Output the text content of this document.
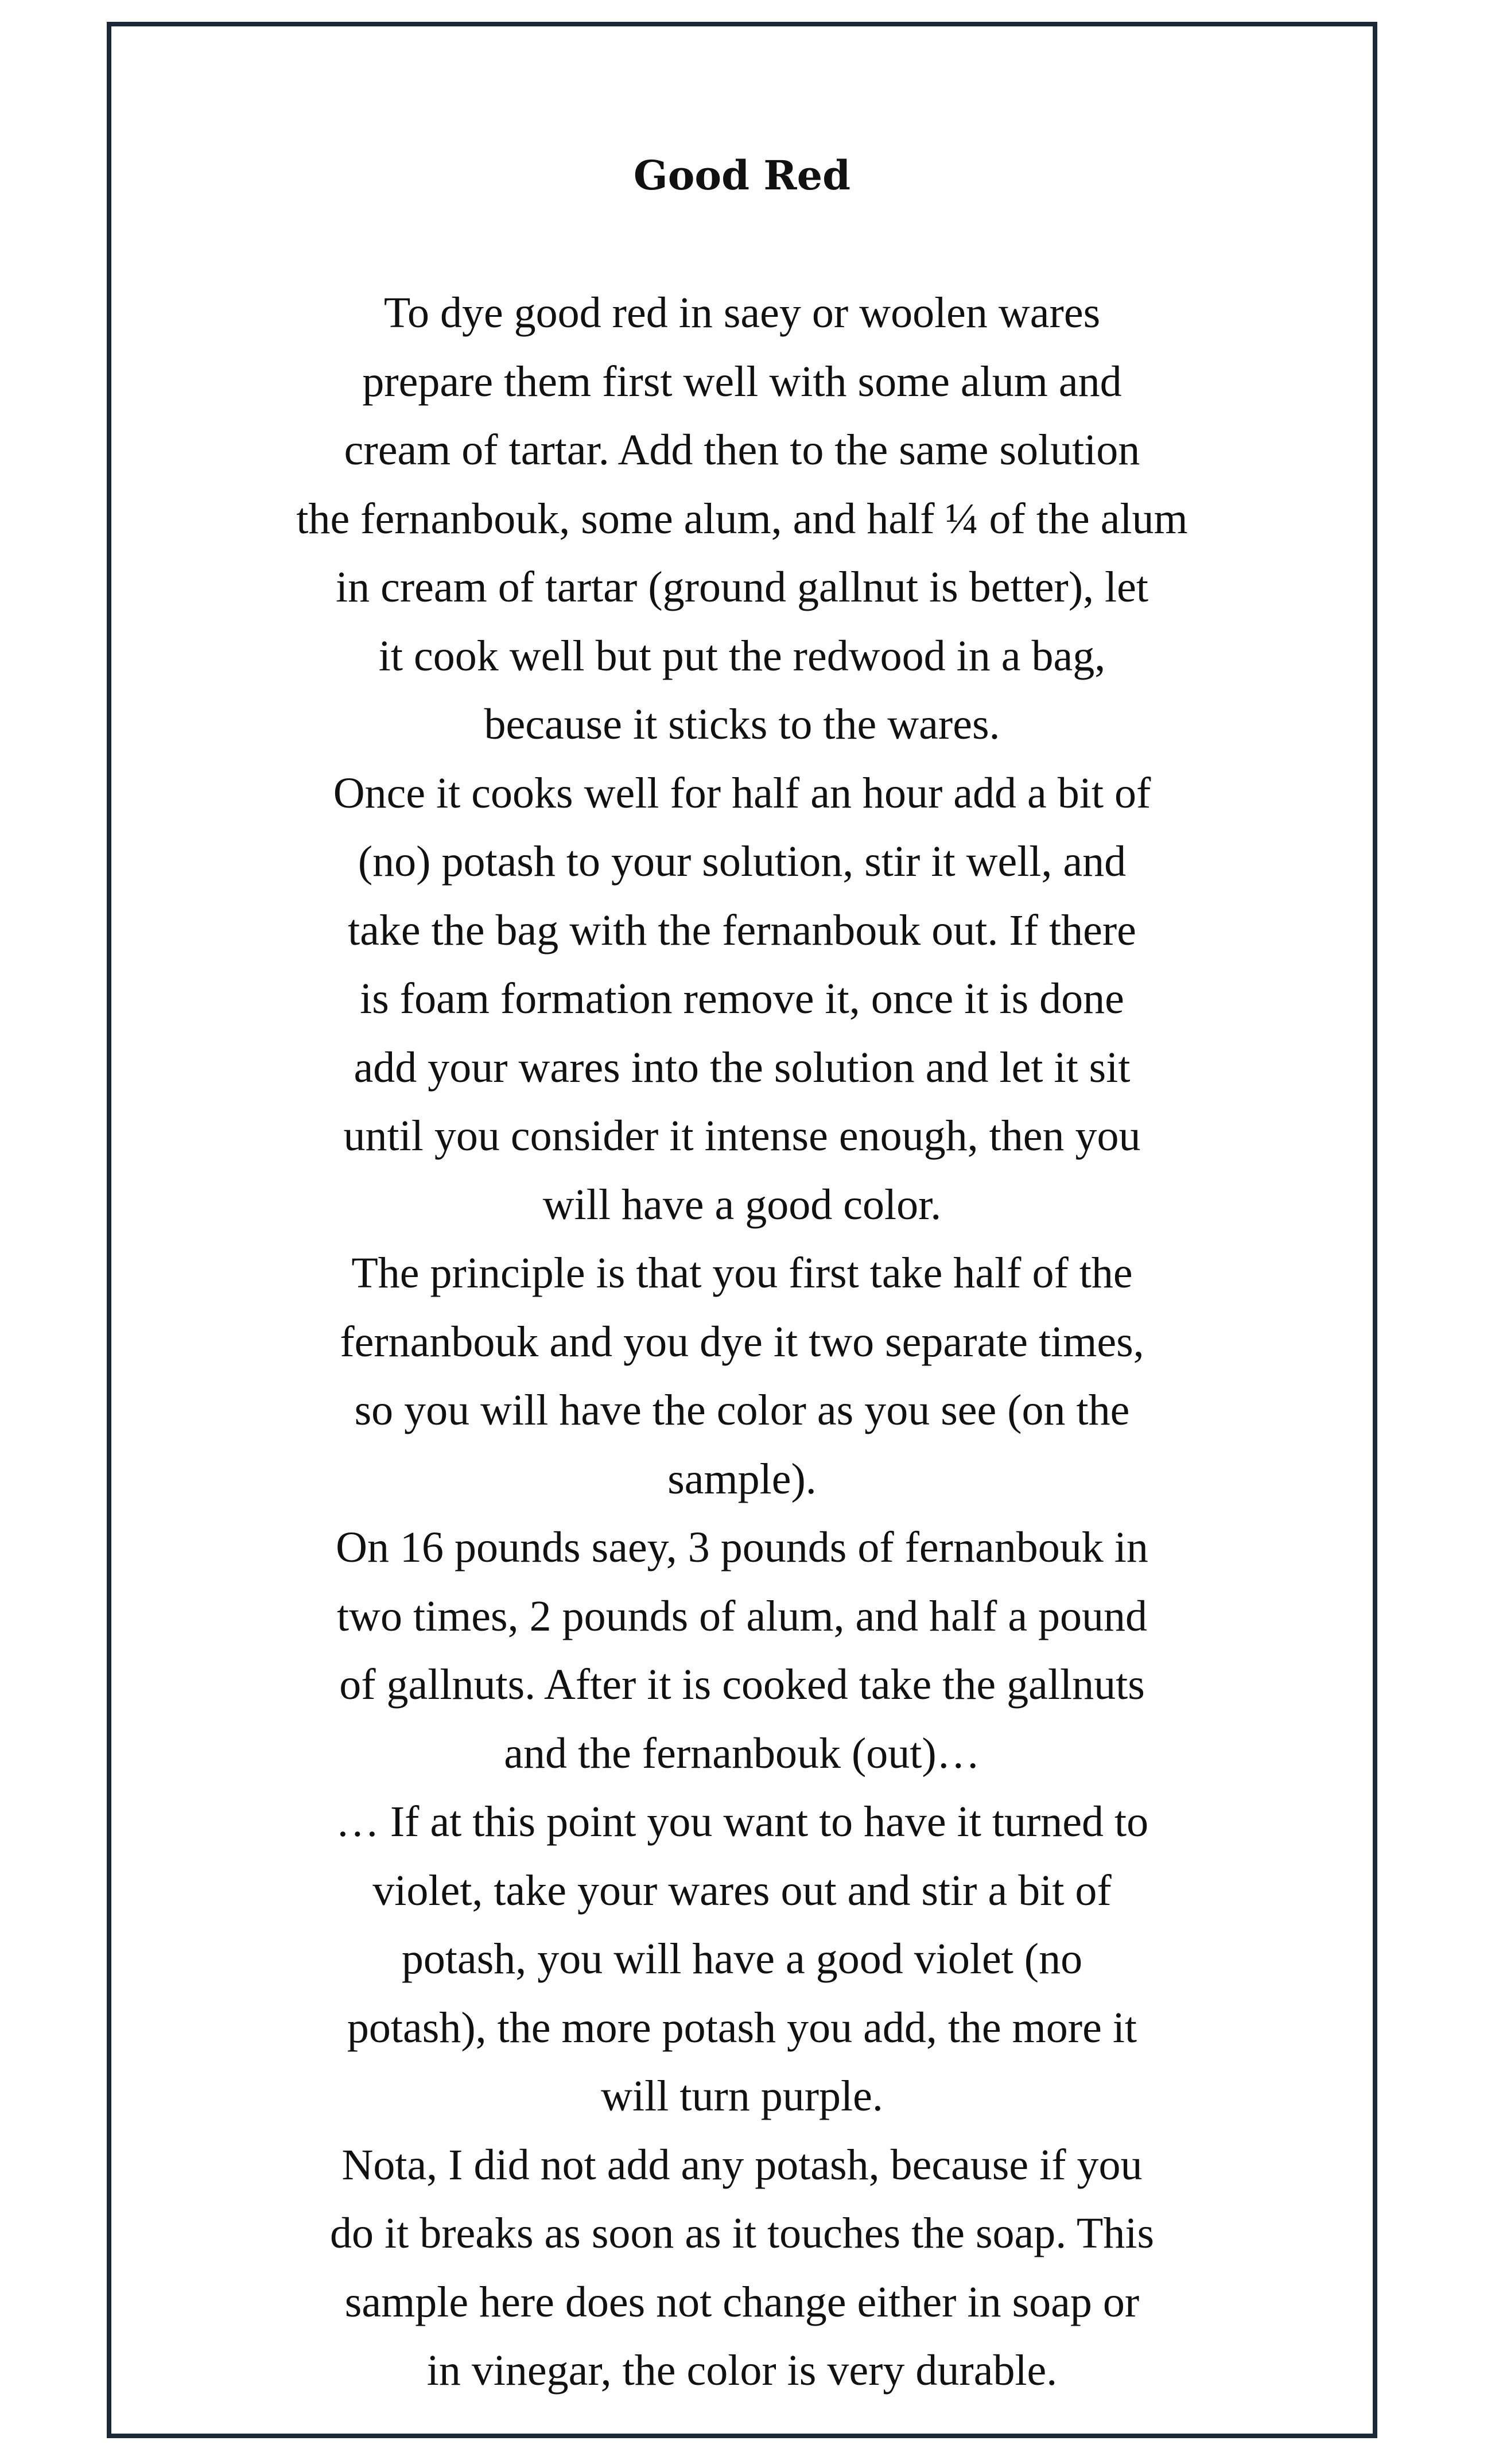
Good Red
To dye good red in saey or woolen wares
prepare them first well with some alum and
cream of tartar. Add then to the same solution
the fernanbouk, some alum, and half ¼ of the alum
in cream of tartar (ground gallnut is better), let
it cook well but put the redwood in a bag,
because it sticks to the wares.
Once it cooks well for half an hour add a bit of
(no) potash to your solution, stir it well, and
take the bag with the fernanbouk out. If there
is foam formation remove it, once it is done
add your wares into the solution and let it sit
until you consider it intense enough, then you
will have a good color.
The principle is that you first take half of the
fernanbouk and you dye it two separate times,
so you will have the color as you see (on the
sample).
On 16 pounds saey, 3 pounds of fernanbouk in
two times, 2 pounds of alum, and half a pound
of gallnuts. After it is cooked take the gallnuts
and the fernanbouk (out)…
… If at this point you want to have it turned to
violet, take your wares out and stir a bit of
potash, you will have a good violet (no
potash), the more potash you add, the more it
will turn purple.
Nota, I did not add any potash, because if you
do it breaks as soon as it touches the soap. This
sample here does not change either in soap or
in vinegar, the color is very durable.
